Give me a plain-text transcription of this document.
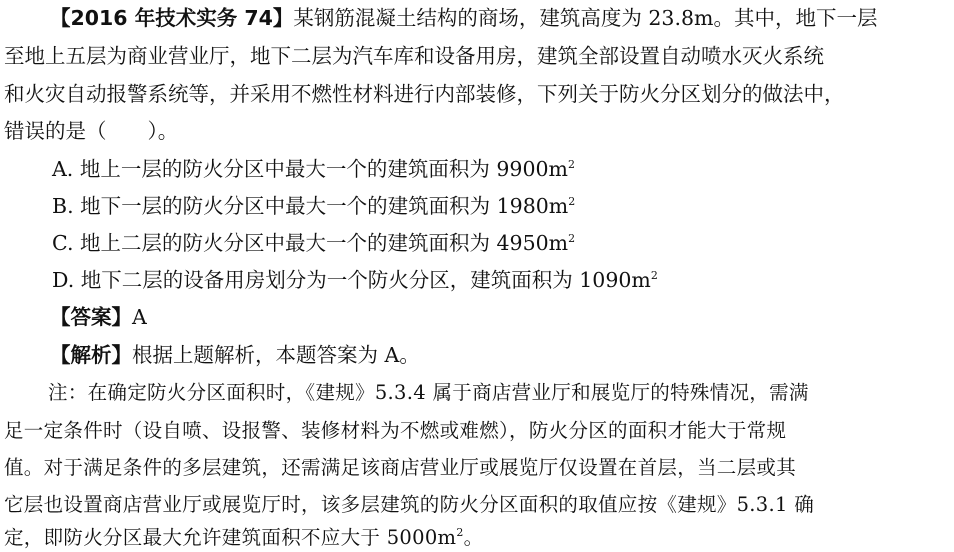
【2016 年技术实务 74】某钢筋混凝土结构的商场，建筑高度为 23.8m。其中，地下一层
至地上五层为商业营业厅，地下二层为汽车库和设备用房，建筑全部设置自动喷水灭火系统
和火灾自动报警系统等，并采用不燃性材料进行内部装修，下列关于防火分区划分的做法中，
错误的是（　　）。
A. 地上一层的防火分区中最大一个的建筑面积为 $9900m^2$
B. 地下一层的防火分区中最大一个的建筑面积为 $1980m^2$
C. 地上二层的防火分区中最大一个的建筑面积为 $4950m^2$
D. 地下二层的设备用房划分为一个防火分区，建筑面积为 $1090m^2$
【答案】A
【解析】根据上题解析，本题答案为 A。
注：在确定防火分区面积时，《建规》5.3.4 属于商店营业厅和展览厅的特殊情况，需满
足一定条件时（设自喷、设报警、装修材料为不燃或难燃），防火分区的面积才能大于常规
值。对于满足条件的多层建筑，还需满足该商店营业厅或展览厅仅设置在首层，当二层或其
它层也设置商店营业厅或展览厅时，该多层建筑的防火分区面积的取值应按《建规》5.3.1 确
定，即防火分区最大允许建筑面积不应大于 $5000m^2$。
